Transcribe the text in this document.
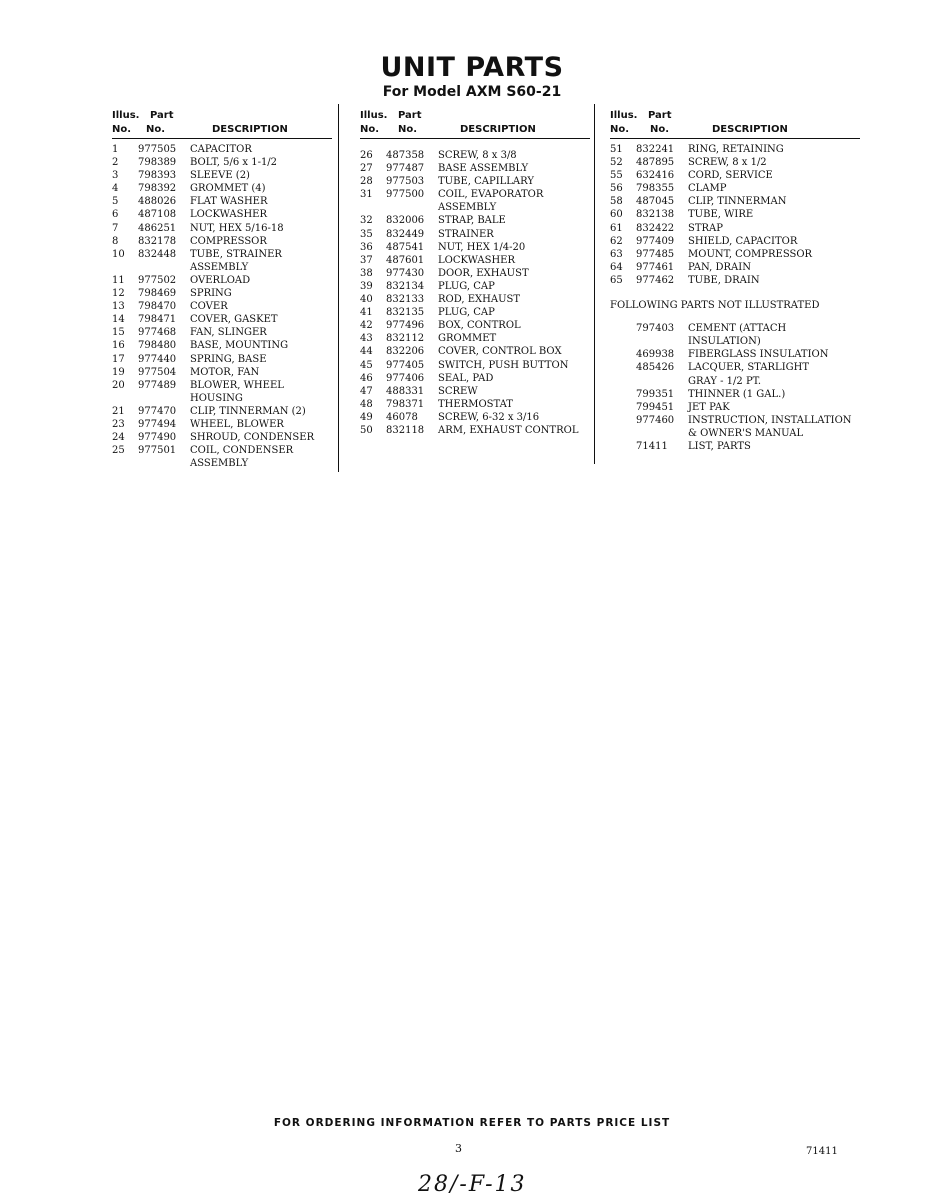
UNIT PARTS
For Model AXM S60-21
Illus. Part
No. No.	DESCRIPTION
1	977505	CAPACITOR
2	798389	BOLT, 5/6 x 1-1/2
3	798393	SLEEVE (2)
4	798392	GROMMET (4)
5	488026	FLAT WASHER
6	487108	LOCKWASHER
7	486251	NUT, HEX 5/16-18
8	832178	COMPRESSOR
10	832448	TUBE, STRAINER
ASSEMBLY
11	977502	OVERLOAD
12	798469	SPRING
13	798470	COVER
14	798471	COVER, GASKET
15	977468	FAN, SLINGER
16	798480	BASE, MOUNTING
17	977440	SPRING, BASE
19	977504	MOTOR, FAN
20	977489	BLOWER, WHEEL
HOUSING
21	977470	CLIP, TINNERMAN (2)
23	977494	WHEEL, BLOWER
24	977490	SHROUD, CONDENSER
25	977501	COIL, CONDENSER
ASSEMBLY
Illus. Part
No. No.	DESCRIPTION
26	487358	SCREW, 8 x 3/8
27	977487	BASE ASSEMBLY
28	977503	TUBE, CAPILLARY
31	977500	COIL, EVAPORATOR
ASSEMBLY
32	832006	STRAP, BALE
35	832449	STRAINER
36	487541	NUT, HEX 1/4-20
37	487601	LOCKWASHER
38	977430	DOOR, EXHAUST
39	832134	PLUG, CAP
40	832133	ROD, EXHAUST
41	832135	PLUG, CAP
42	977496	BOX, CONTROL
43	832112	GROMMET
44	832206	COVER, CONTROL BOX
45	977405	SWITCH, PUSH BUTTON
46	977406	SEAL, PAD
47	488331	SCREW
48	798371	THERMOSTAT
49	46078	SCREW, 6-32 x 3/16
50	832118	ARM, EXHAUST CONTROL
Illus. Part
No. No.	DESCRIPTION
51	832241	RING, RETAINING
52	487895	SCREW, 8 x 1/2
55	632416	CORD, SERVICE
56	798355	CLAMP
58	487045	CLIP, TINNERMAN
60	832138	TUBE, WIRE
61	832422	STRAP
62	977409	SHIELD, CAPACITOR
63	977485	MOUNT, COMPRESSOR
64	977461	PAN, DRAIN
65	977462	TUBE, DRAIN
FOLLOWING PARTS NOT ILLUSTRATED
797403	CEMENT (ATTACH
INSULATION)
469938	FIBERGLASS INSULATION
485426	LACQUER, STARLIGHT
GRAY - 1/2 PT.
799351	THINNER (1 GAL.)
799451	JET PAK
977460	INSTRUCTION, INSTALLATION
& OWNER'S MANUAL
71411	LIST, PARTS
FOR ORDERING INFORMATION REFER TO PARTS PRICE LIST
3	71411
28/-F-13
